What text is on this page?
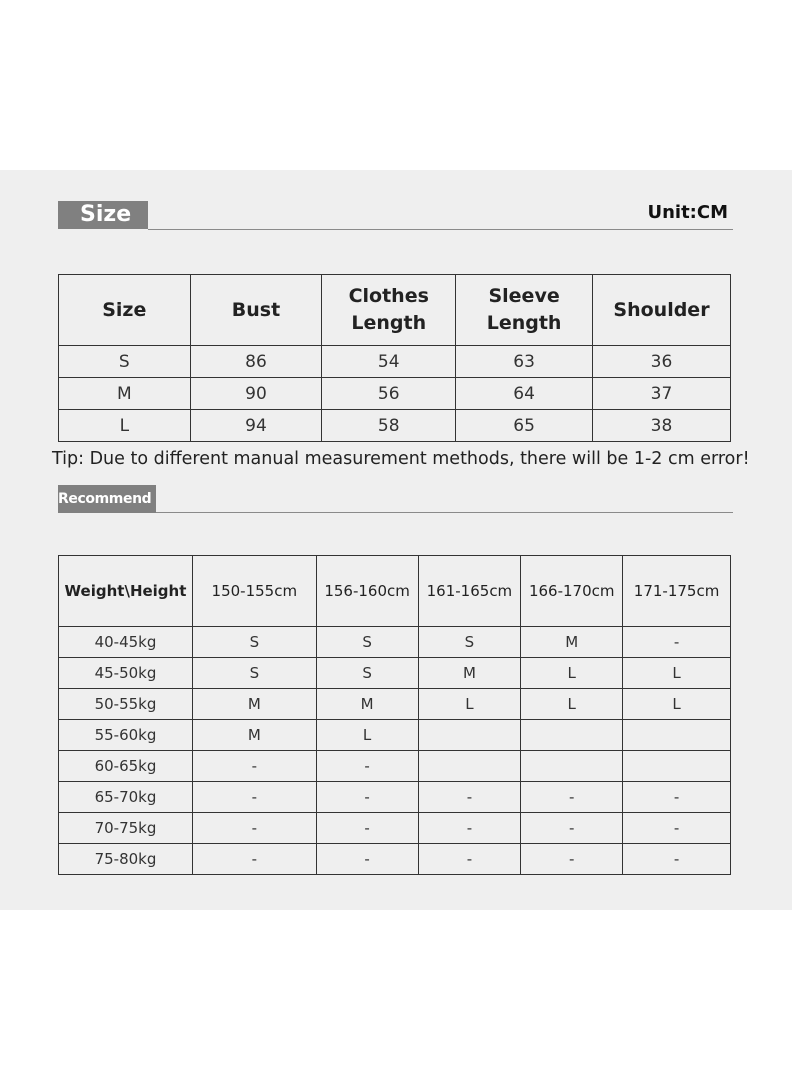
Size	Unit:CM
Size	Bust	Clothes Length	Sleeve Length	Shoulder
S	86	54	63	36
M	90	56	64	37
L	94	58	65	38
Tip: Due to different manual measurement methods, there will be 1-2 cm error!
Recommend
Weight\Height	150-155cm	156-160cm	161-165cm	166-170cm	171-175cm
40-45kg	S	S	S	M	-
45-50kg	S	S	M	L	L
50-55kg	M	M	L	L	L
55-60kg	M	L			
60-65kg	-	-			
65-70kg	-	-	-	-	-
70-75kg	-	-	-	-	-
75-80kg	-	-	-	-	-
